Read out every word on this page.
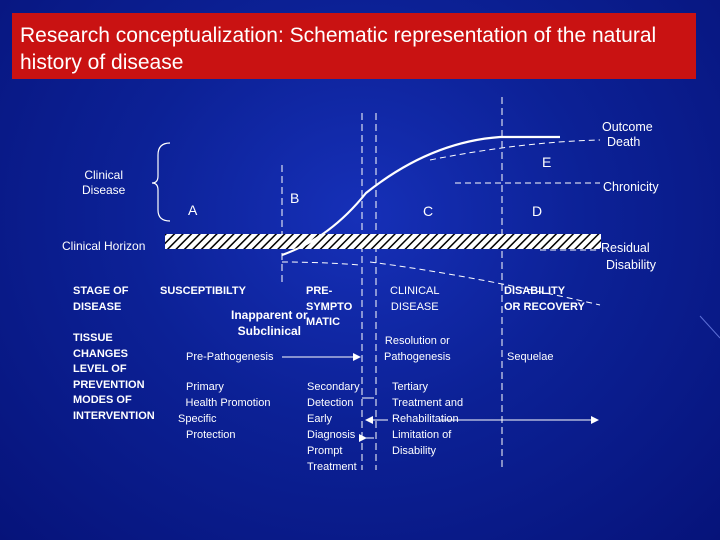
Research conceptualization: Schematic representation of the natural history of disease
Clinical
Disease
Clinical Horizon
A
B
C	D
E
Outcome
Death
Chronicity
Residual
Disability
STAGE OF
DISEASE
TISSUE
CHANGES
LEVEL OF
PREVENTION
MODES OF
INTERVENTION
SUSCEPTIBILTY	PRE-
SYMPTO
MATIC
Inapparent or
Subclinical
CLINICAL
DISEASE
DISABILITY
OR RECOVERY
Pre-Pathogenesis
Resolution or
Pathogenesis	Sequelae
Primary
Health Promotion
Specific
Protection
Secondary
Detection
Early
Diagnosis
Prompt
Treatment
Tertiary
Treatment and
Rehabilitation
Limitation of
Disability
